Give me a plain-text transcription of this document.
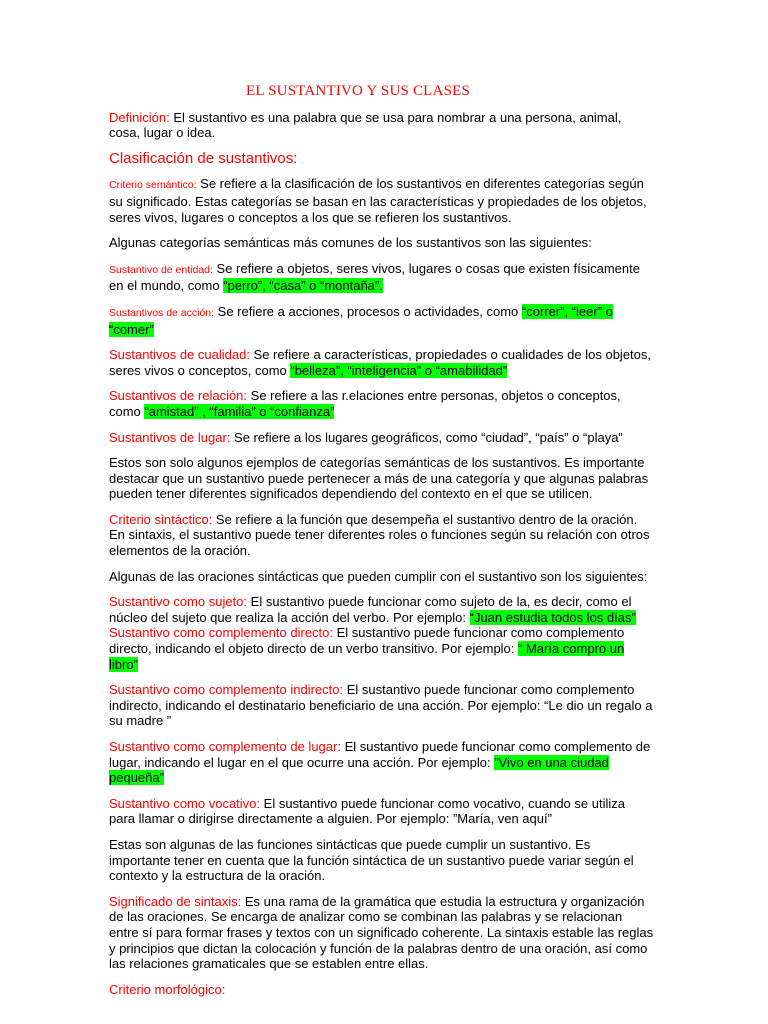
EL SUSTANTIVO Y SUS CLASES

Definición: El sustantivo es una palabra que se usa para nombrar a una persona, animal, cosa, lugar o idea.

Clasificación de sustantivos:

Criterio semántico: Se refiere a la clasificación de los sustantivos en diferentes categorías según su significado. Estas categorías se basan en las características y propiedades de los objetos, seres vivos, lugares o conceptos a los que se refieren los sustantivos.

Algunas categorías semánticas más comunes de los sustantivos son las siguientes:

Sustantivo de entidad: Se refiere a objetos, seres vivos, lugares o cosas que existen físicamente en el mundo, como “perro”, “casa” o “montaña”.

Sustantivos de acción: Se refiere a acciones, procesos o actividades, como “correr”, “leer” o “comer”

Sustantivos de cualidad: Se refiere a características, propiedades o cualidades de los objetos, seres vivos o conceptos, como “belleza”, “inteligencia” o “amabilidad”

Sustantivos de relación: Se refiere a las r.elaciones entre personas, objetos o conceptos, como “amistad” , “familia” o “confianza”

Sustantivos de lugar: Se refiere a los lugares geográficos, como “ciudad”, “país” o “playa”

Estos son solo algunos ejemplos de categorías semánticas de los sustantivos. Es importante destacar que un sustantivo puede pertenecer a más de una categoría y que algunas palabras pueden tener diferentes significados dependiendo del contexto en el que se utilicen.

Criterio sintáctico: Se refiere a la función que desempeña el sustantivo dentro de la oración. En sintaxis, el sustantivo puede tener diferentes roles o funciones según su relación con otros elementos de la oración.

Algunas de las oraciones sintácticas que pueden cumplir con el sustantivo son los siguientes:

Sustantivo como sujeto: El sustantivo puede funcionar como sujeto de la, es decir, como el núcleo del sujeto que realiza la acción del verbo. Por ejemplo: “Juan estudia todos los días”

Sustantivo como complemento directo: El sustantivo puede funcionar como complemento directo, indicando el objeto directo de un verbo transitivo. Por ejemplo: “ María compro un libro”

Sustantivo como complemento indirecto: El sustantivo puede funcionar como complemento indirecto, indicando el destinatario beneficiario de una acción. Por ejemplo: “Le dio un regalo a su madre ”

Sustantivo como complemento de lugar: El sustantivo puede funcionar como complemento de lugar, indicando el lugar en el que ocurre una acción. Por ejemplo: ”Vivo en una ciudad pequeña”

Sustantivo como vocativo: El sustantivo puede funcionar como vocativo, cuando se utiliza para llamar o dirigirse directamente a alguien. Por ejemplo: ”María, ven aquí”

Estas son algunas de las funciones sintácticas que puede cumplir un sustantivo. Es importante tener en cuenta que la función sintáctica de un sustantivo puede variar según el contexto y la estructura de la oración.

Significado de sintaxis: Es una rama de la gramática que estudia la estructura y organización de las oraciones. Se encarga de analizar como se combinan las palabras y se relacionan entre sí para formar frases y textos con un significado coherente. La sintaxis estable las reglas y principios que dictan la colocación y función de la palabras dentro de una oración, así como las relaciones gramaticales que se establen entre ellas.

Criterio morfológico:
